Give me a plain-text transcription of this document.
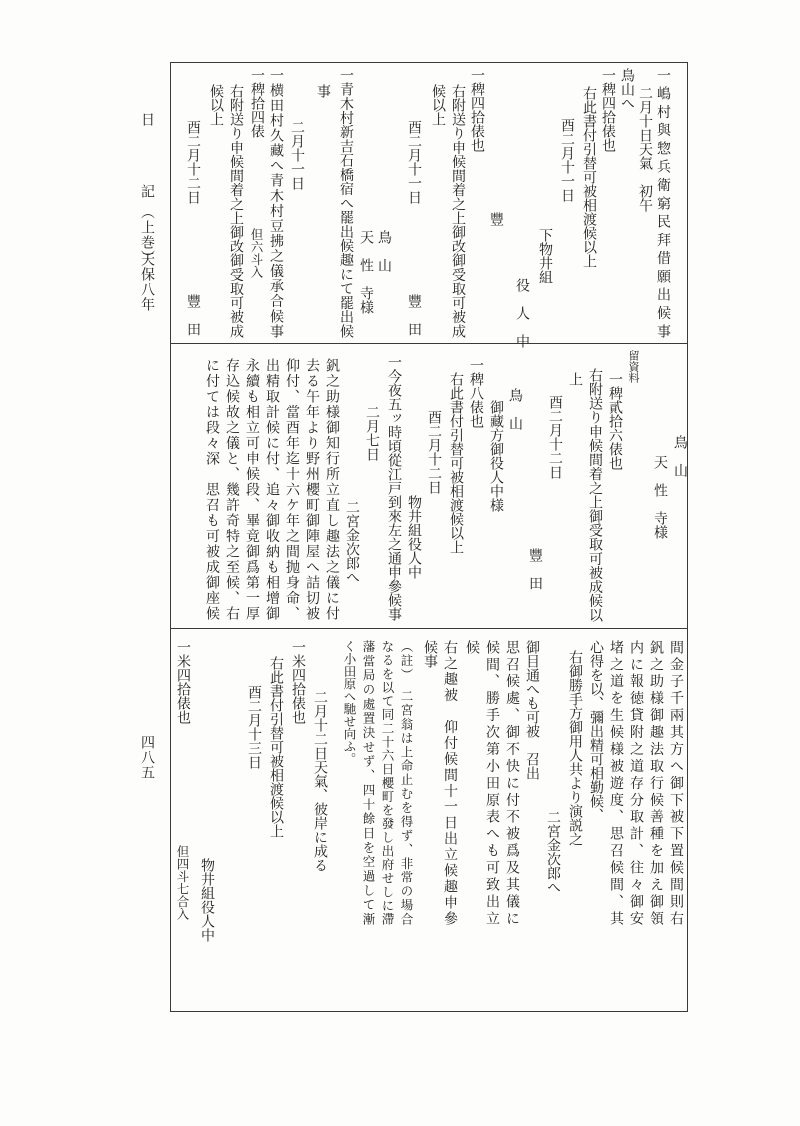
日　記
（上巻）
天保八年
四八五
一嶋村與惣兵衛窮民拜借願出候事
二月十日天氣　初午
鳥山へ
一稗四拾俵也
右此書付引替可被相渡候以上
酉二月十一日
下物井組
役　人　中
豐
一稗四拾俵也
右附送り申候間着之上御改御受取可被成
候以上
酉二月十一日
豐　田
鳥　山
天　性　寺様
一青木村新吉石橋宿へ罷出候趣にて罷出候
事
二月十一日
一横田村久藏へ青木村豆拂之儀承合候事
一稗拾四俵
但六斗入
右附送り申候間着之上御改御受取可被成
候以上
酉二月十二日
豐　田
鳥　山
天　性　寺様
留資料
一稗貳拾六俵也
右附送り申候間着之上御受取可被成候以
上
酉二月十二日
豐　田
鳥　山
御藏方御役人中様
一稗八俵也
右此書付引替可被相渡候以上
酉二月十二日
物井組役人中
一今夜五ッ時頃從江戸到來左之通申參候事
二月七日
二宮金次郎へ
釩之助様御知行所立直し趣法之儀に付
去る午年より野州櫻町御陣屋へ詰切被
仰付、當酉年迄十六ケ年之間抛身命、
出精取計候に付、追々御收納も相增御
永續も相立可申候段、畢竟御爲第一厚
存込候故之儀と、幾許奇特之至候、右
に付ては段々深　思召も可被成御座候
間金子千兩其方へ御下被下置候間則右
釩之助様御趣法取行候善種を加え御領
内に報徳貸附之道存分取計、往々御安
堵之道を生候様被遊度、思召候間、其
心得を以、彌出精可相勤候、
右御勝手方御用人共より演説之
二宮金次郎へ
御目通へも可被　召出
思召候處、御不快に付不被爲及其儀に
候間、勝手次第小田原表へも可致出立
候
右之趣被　仰付候間十一日出立候趣申參
候事
（註）　二宮翁は上命止むを得ず、非常の場合
なるを以て同二十六日櫻町を發し出府せしに滯
藩當局の處置決せず、四十餘日を空過して漸
く小田原へ馳せ向ふ。
二月十二日天氣、彼岸に成る
一米四拾俵也
右此書付引替可被相渡候以上
酉二月十三日
物井組役人中
一米四拾俵也
但四斗七合入
